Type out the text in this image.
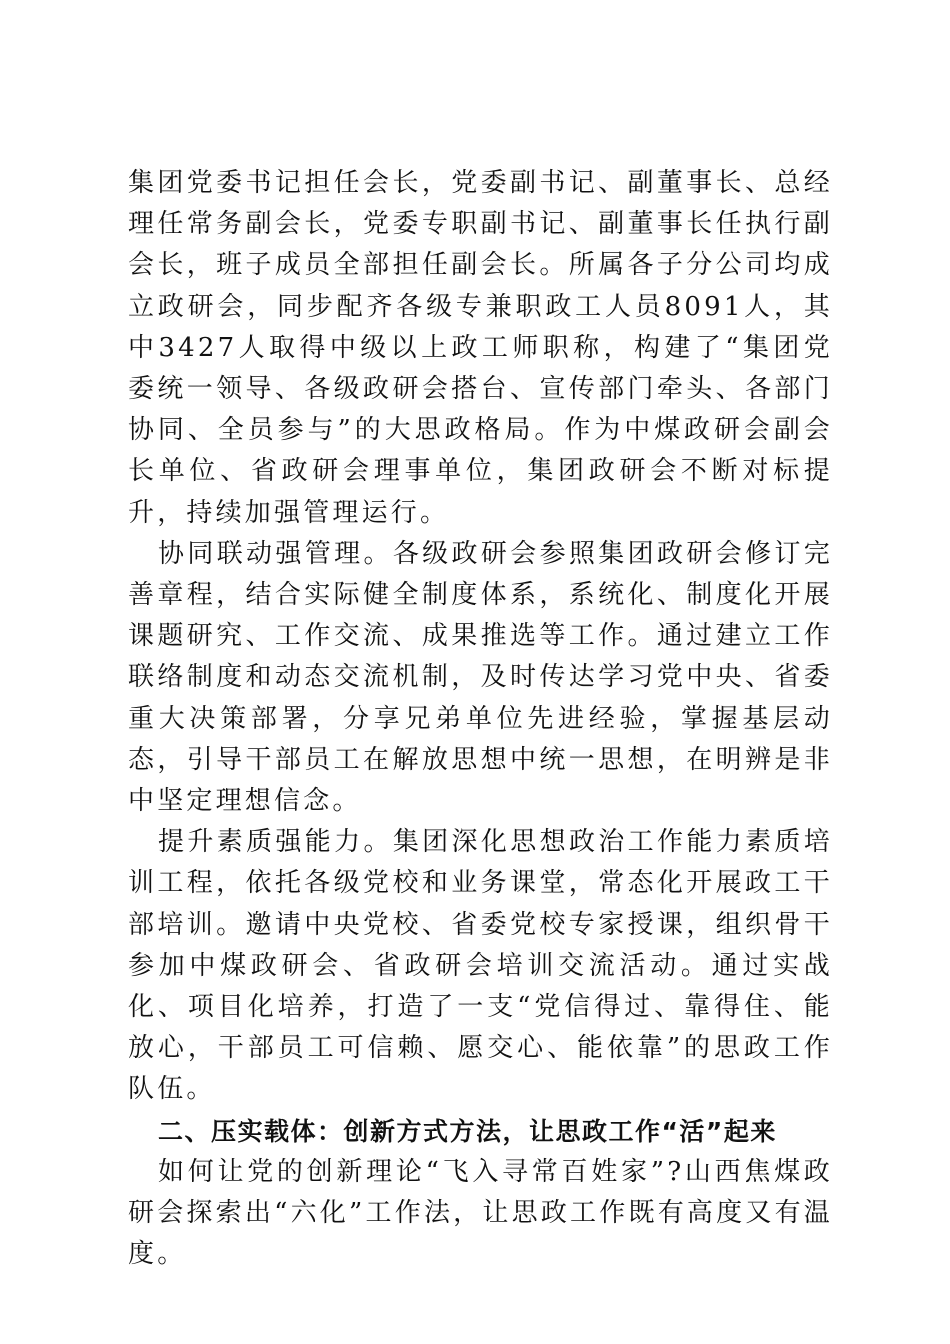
集团党委书记担任会长，党委副书记、副董事长、总经理任常务副会长，党委专职副书记、副董事长任执行副会长，班子成员全部担任副会长。所属各子分公司均成立政研会，同步配齐各级专兼职政工人员8091人，其中3427人取得中级以上政工师职称，构建了“集团党委统一领导、各级政研会搭台、宣传部门牵头、各部门协同、全员参与”的大思政格局。作为中煤政研会副会长单位、省政研会理事单位，集团政研会不断对标提升，持续加强管理运行。

协同联动强管理。各级政研会参照集团政研会修订完善章程，结合实际健全制度体系，系统化、制度化开展课题研究、工作交流、成果推选等工作。通过建立工作联络制度和动态交流机制，及时传达学习党中央、省委重大决策部署，分享兄弟单位先进经验，掌握基层动态，引导干部员工在解放思想中统一思想，在明辨是非中坚定理想信念。

提升素质强能力。集团深化思想政治工作能力素质培训工程，依托各级党校和业务课堂，常态化开展政工干部培训。邀请中央党校、省委党校专家授课，组织骨干参加中煤政研会、省政研会培训交流活动。通过实战化、项目化培养，打造了一支“党信得过、靠得住、能放心，干部员工可信赖、愿交心、能依靠”的思政工作队伍。

二、压实载体：创新方式方法，让思政工作“活”起来

如何让党的创新理论“飞入寻常百姓家”?山西焦煤政研会探索出“六化”工作法，让思政工作既有高度又有温度。
